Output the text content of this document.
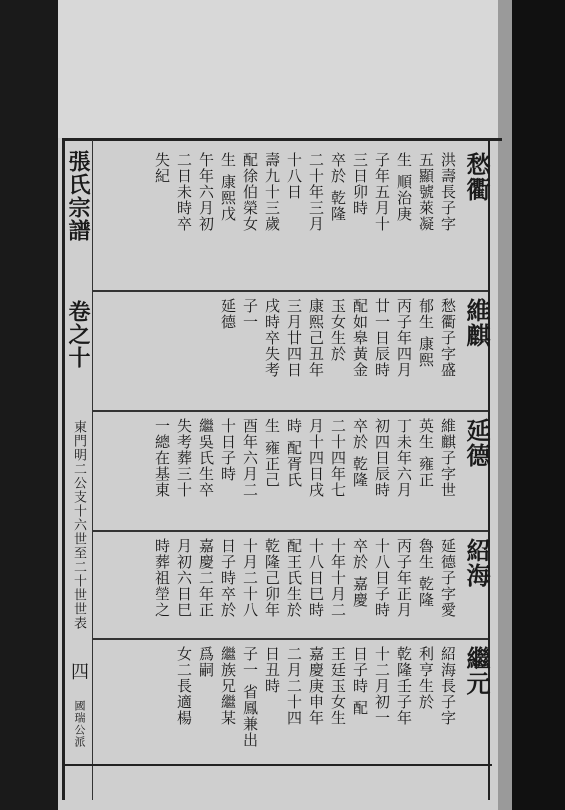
張氏宗譜
卷之十
東門明二公支十六世至二十世世表
四
國瑞公派
愁衢
洪壽長子字
五顯號萊凝
生 順治庚
子年五月十
三日卯時
卒於 乾隆
二十年三月
十八日
壽九十三歲
配徐伯榮女
生 康熙戊
午年六月初
二日未時卒
失紀
維麒
愁衢子字盛
郁生 康熙
丙子年四月
廿一日辰時
配如皋黃金
玉女生於
康熙己丑年
三月廿四日
戌時卒失考
子一
延德
延德
維麒子字世
英生 雍正
丁未年六月
初四日辰時
卒於 乾隆
二十四年七
月十四日戌
時 配胥氏
生 雍正己
酉年六月二
十日子時
繼吳氏生卒
失考葬三十
一總在基東
紹海
延德子字愛
魯生 乾隆
丙子年正月
十八日子時
卒於 嘉慶
十年十月二
十八日巳時
配王氏生於
乾隆己卯年
十月二十八
日子時卒於
嘉慶二年正
月初六日巳
時葬祖塋之
繼元
紹海長子字
利亨生於
乾隆壬子年
十二月初一
日子時 配
王廷玉女生
嘉慶庚申年
二月二十四
日丑時
子一 省鳳兼出
繼族兄繼某
爲嗣
女二長適楊
